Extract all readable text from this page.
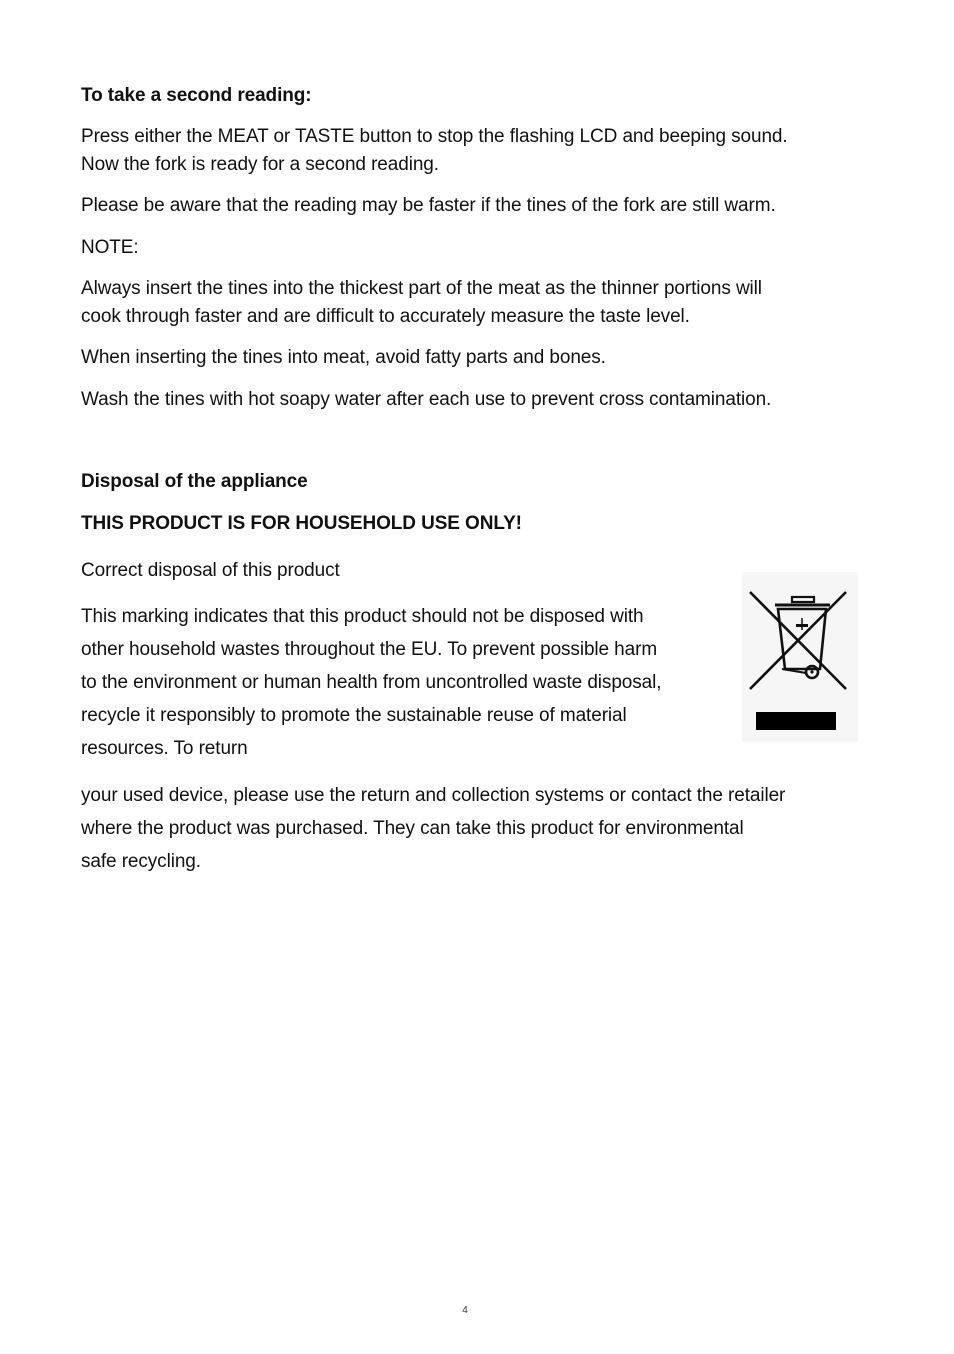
To take a second reading:
Press either the MEAT or TASTE button to stop the flashing LCD and beeping sound.
Now the fork is ready for a second reading.
Please be aware that the reading may be faster if the tines of the fork are still warm.
NOTE:
Always insert the tines into the thickest part of the meat as the thinner portions will
cook through faster and are difficult to accurately measure the taste level.
When inserting the tines into meat, avoid fatty parts and bones.
Wash the tines with hot soapy water after each use to prevent cross contamination.
Disposal of the appliance
THIS PRODUCT IS FOR HOUSEHOLD USE ONLY!
Correct disposal of this product
This marking indicates that this product should not be disposed with
other household wastes throughout the EU. To prevent possible harm
to the environment or human health from uncontrolled waste disposal,
recycle it responsibly to promote the sustainable reuse of material
resources. To return
your used device, please use the return and collection systems or contact the retailer
where the product was purchased. They can take this product for environmental
safe recycling.
4
